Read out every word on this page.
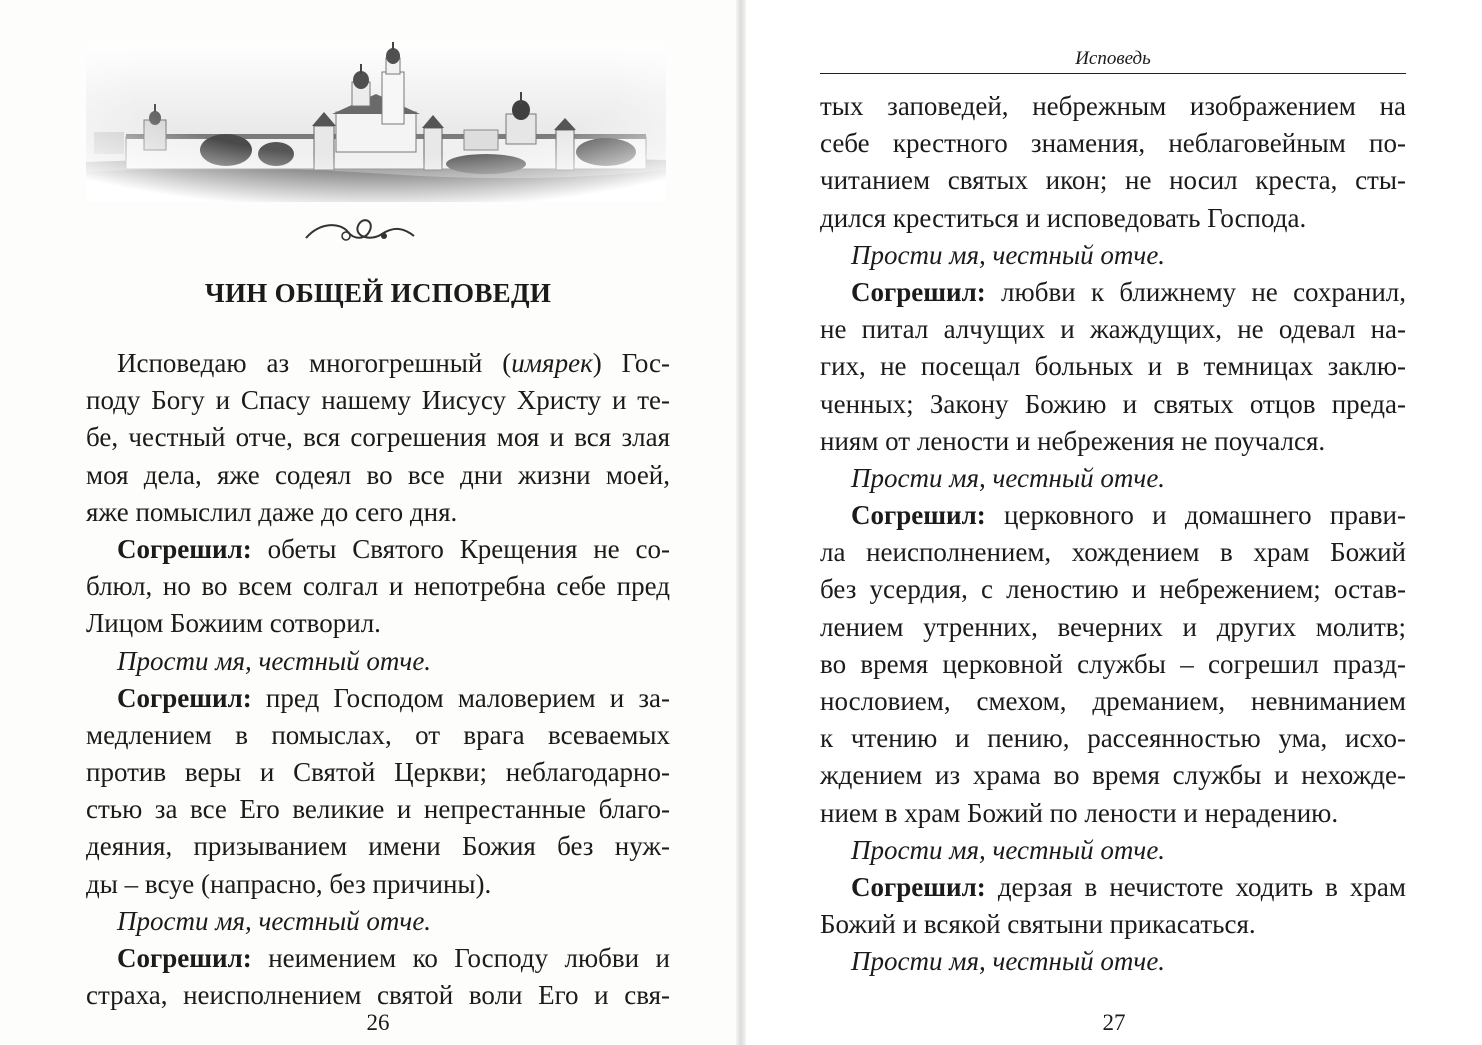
ЧИН ОБЩЕЙ ИСПОВЕДИ
Исповедаю аз многогрешный (имярек) Гос-
поду Богу и Спасу нашему Иисусу Христу и те-
бе, честный отче, вся согрешения моя и вся злая
моя дела, яже содеял во все дни жизни моей,
яже помыслил даже до сего дня.
Согрешил: обеты Святого Крещения не со-
блюл, но во всем солгал и непотребна себе пред
Лицом Божиим сотворил.
Прости мя, честный отче.
Согрешил: пред Господом маловерием и за-
медлением в помыслах, от врага всеваемых
против веры и Святой Церкви; неблагодарно-
стью за все Его великие и непрестанные благо-
деяния, призыванием имени Божия без нуж-
ды – всуе (напрасно, без причины).
Прости мя, честный отче.
Согрешил: неимением ко Господу любви и
страха, неисполнением святой воли Его и свя-
26
Исповедь
тых заповедей, небрежным изображением на
себе крестного знамения, неблаговейным по-
читанием святых икон; не носил креста, сты-
дился креститься и исповедовать Господа.
Прости мя, честный отче.
Согрешил: любви к ближнему не сохранил,
не питал алчущих и жаждущих, не одевал на-
гих, не посещал больных и в темницах заклю-
ченных; Закону Божию и святых отцов преда-
ниям от лености и небрежения не поучался.
Прости мя, честный отче.
Согрешил: церковного и домашнего прави-
ла неисполнением, хождением в храм Божий
без усердия, с леностию и небрежением; остав-
лением утренних, вечерних и других молитв;
во время церковной службы – согрешил празд-
нословием, смехом, дреманием, невниманием
к чтению и пению, рассеянностью ума, исхо-
ждением из храма во время службы и нехожде-
нием в храм Божий по лености и нерадению.
Прости мя, честный отче.
Согрешил: дерзая в нечистоте ходить в храм
Божий и всякой святыни прикасаться.
Прости мя, честный отче.
27
